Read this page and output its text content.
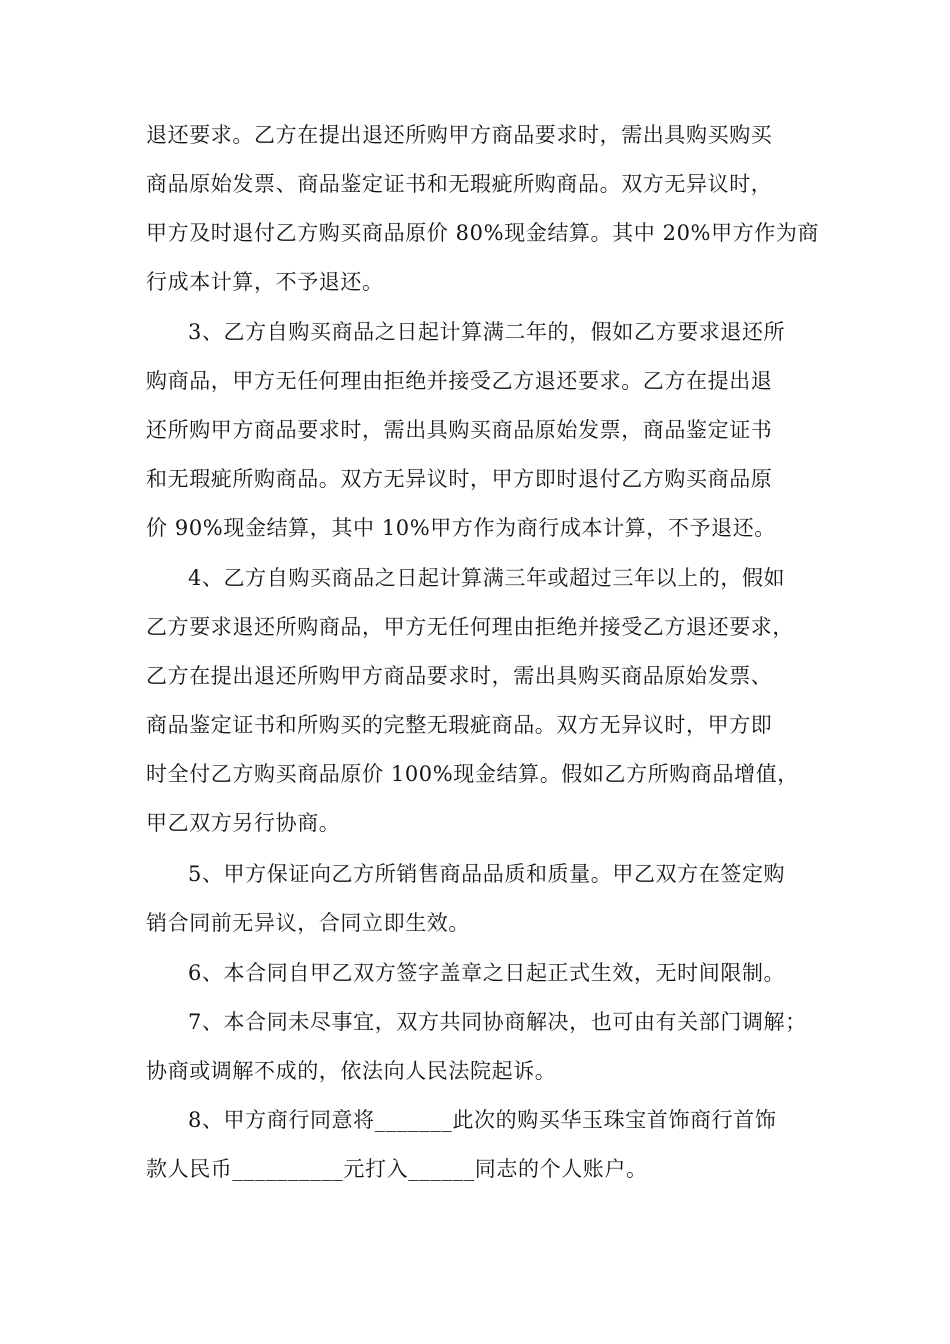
退还要求。乙方在提出退还所购甲方商品要求时，需出具购买购买
商品原始发票、商品鉴定证书和无瑕疵所购商品。双方无异议时，
甲方及时退付乙方购买商品原价 80%现金结算。其中 20%甲方作为商
行成本计算，不予退还。
3、乙方自购买商品之日起计算满二年的，假如乙方要求退还所
购商品，甲方无任何理由拒绝并接受乙方退还要求。乙方在提出退
还所购甲方商品要求时，需出具购买商品原始发票，商品鉴定证书
和无瑕疵所购商品。双方无异议时，甲方即时退付乙方购买商品原
价 90%现金结算，其中 10%甲方作为商行成本计算，不予退还。
4、乙方自购买商品之日起计算满三年或超过三年以上的，假如
乙方要求退还所购商品，甲方无任何理由拒绝并接受乙方退还要求，
乙方在提出退还所购甲方商品要求时，需出具购买商品原始发票、
商品鉴定证书和所购买的完整无瑕疵商品。双方无异议时，甲方即
时全付乙方购买商品原价 100%现金结算。假如乙方所购商品增值，
甲乙双方另行协商。
5、甲方保证向乙方所销售商品品质和质量。甲乙双方在签定购
销合同前无异议，合同立即生效。
6、本合同自甲乙双方签字盖章之日起正式生效，无时间限制。
7、本合同未尽事宜，双方共同协商解决，也可由有关部门调解；
协商或调解不成的，依法向人民法院起诉。
8、甲方商行同意将_______此次的购买华玉珠宝首饰商行首饰
款人民币__________元打入______同志的个人账户。
